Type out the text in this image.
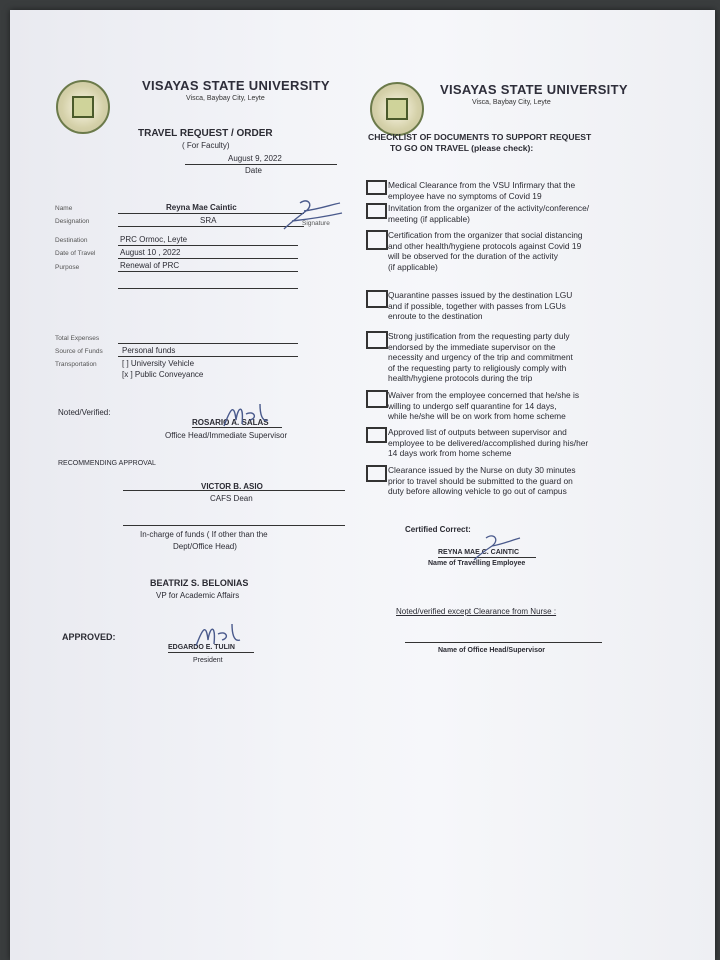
VISAYAS STATE UNIVERSITY
Visca, Baybay City, Leyte
TRAVEL REQUEST / ORDER
( For Faculty)
August 9, 2022
Date
Name	Reyna Mae Caintic
Designation	SRA	Signature
Destination	PRC Ormoc, Leyte
Date of Travel	August 10 , 2022
Purpose	Renewal of PRC
Total Expenses
Source of Funds Personal funds
Transportation	[ ] University Vehicle
[x ] Public Conveyance
Noted/Verified:
ROSARIO A. SALAS
Office Head/Immediate Supervisor
RECOMMENDING APPROVAL
VICTOR B. ASIO
CAFS Dean
In-charge of funds ( If other than the
Dept/Office Head)
BEATRIZ S. BELONIAS
VP for Academic Affairs
APPROVED:
EDGARDO E. TULIN
President
VISAYAS STATE UNIVERSITY
Visca, Baybay City, Leyte
CHECKLIST OF DOCUMENTS TO SUPPORT REQUEST
TO GO ON TRAVEL (please check):
Medical Clearance from the VSU Infirmary that the
employee have no symptoms of Covid 19
Invitation from the organizer of the activity/conference/
meeting (if applicable)
Certification from the organizer that social distancing
and other health/hygiene protocols against Covid 19
will be observed for the duration of the activity
(if applicable)
Quarantine passes issued by the destination LGU
and if possible, together with passes from LGUs
enroute to the destination
Strong justification from the requesting party duly
endorsed by the immediate supervisor on the
necessity and urgency of the trip and commitment
of the requesting party to religiously comply with
health/hygiene protocols during the trip
Waiver from the employee concerned that he/she is
willing to undergo self quarantine for 14 days,
while he/she will be on work from home scheme
Approved list of outputs between supervisor and
employee to be delivered/accomplished during his/her
14 days work from home scheme
Clearance issued by the Nurse on duty 30 minutes
prior to travel should be submitted to the guard on
duty before allowing vehicle to go out of campus
Certified Correct:
REYNA MAE C. CAINTIC
Name of Travelling Employee
Noted/verified except Clearance from Nurse :
Name of Office Head/Supervisor
